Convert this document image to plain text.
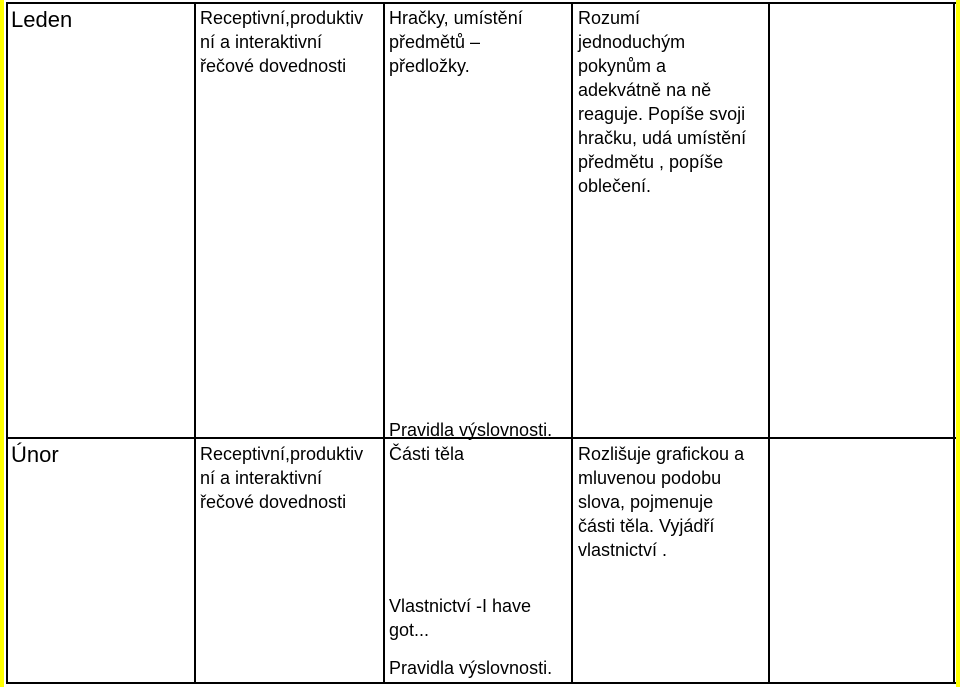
Leden	Receptivní,produktiv
ní a interaktivní
řečové dovednosti
Hračky, umístění
předmětů –
předložky.
Rozumí
jednoduchým
pokynům a
adekvátně na ně
reaguje. Popíše svoji
hračku, udá umístění
předmětu , popíše
oblečení.
Únor	Receptivní,produktiv
ní a interaktivní
řečové dovednosti
Pravidla výslovnosti.
Části těla
Vlastnictví -I have
got...
Pravidla výslovnosti.
Rozlišuje grafickou a
mluvenou podobu
slova, pojmenuje
části těla. Vyjádří
vlastnictví .
